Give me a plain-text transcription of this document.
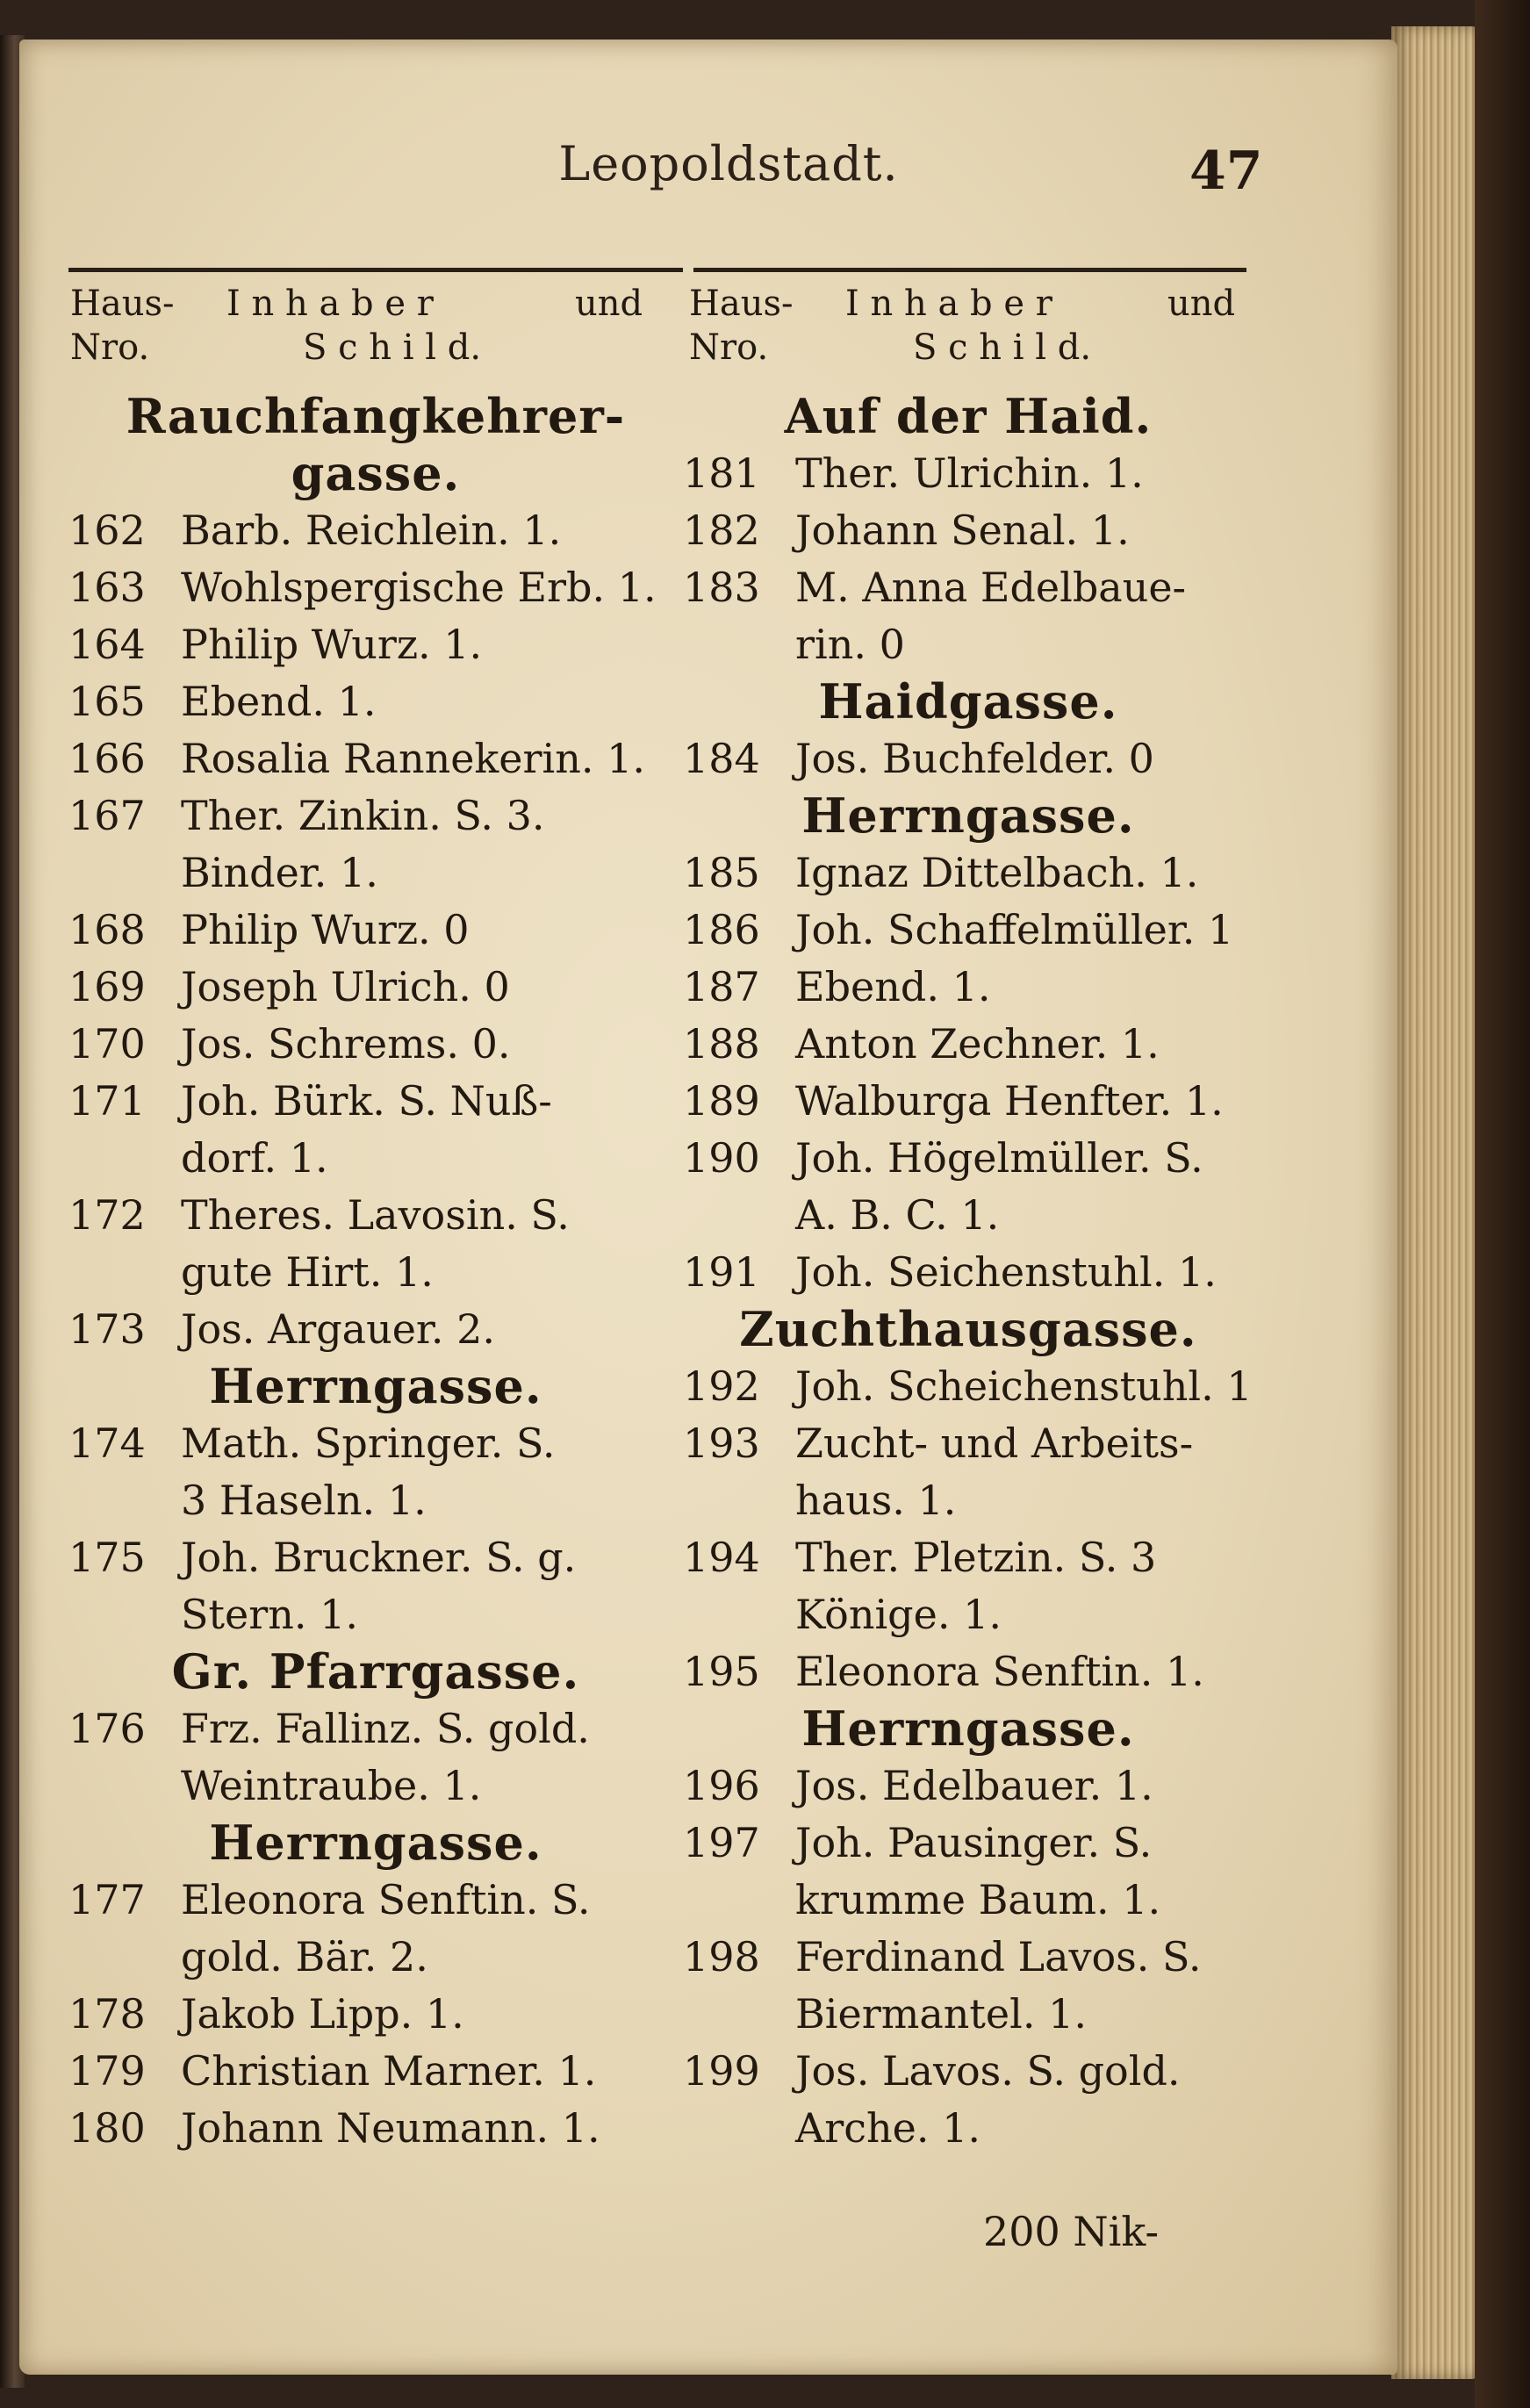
Leopoldstadt.	47
Haus-
Nro.
I n h a b e r	und
S c h i l d.
Haus-
Nro.
I n h a b e r	und
S c h i l d.
Rauchfangkehrer-
gasse.
162 Barb. Reichlein. 1.
163 Wohlspergische Erb. 1.
164 Philip Wurz. 1.
165 Ebend. 1.
166 Rosalia Rannekerin. 1.
167 Ther. Zinkin. S. 3.
Binder. 1.
168 Philip Wurz. 0
169 Joseph Ulrich. 0
170 Jos. Schrems. 0.
171 Joh. Bürk. S. Nuß-
dorf. 1.
172 Theres. Lavosin. S.
gute Hirt. 1.
173 Jos. Argauer. 2.
Herrngasse.
174 Math. Springer. S.
3 Haseln. 1.
175 Joh. Bruckner. S. g.
Stern. 1.
Gr. Pfarrgasse.
176 Frz. Fallinz. S. gold.
Weintraube. 1.
Herrngasse.
177 Eleonora Senftin. S.
gold. Bär. 2.
178 Jakob Lipp. 1.
179 Christian Marner. 1.
180 Johann Neumann. 1.
Auf der Haid.
181 Ther. Ulrichin. 1.
182 Johann Senal. 1.
183 M. Anna Edelbaue-
rin. 0
Haidgasse.
184 Jos. Buchfelder. 0
Herrngasse.
185 Ignaz Dittelbach. 1.
186 Joh. Schaffelmüller. 1
187 Ebend. 1.
188 Anton Zechner. 1.
189 Walburga Henfter. 1.
190 Joh. Högelmüller. S.
A. B. C. 1.
191 Joh. Seichenstuhl. 1.
Zuchthausgasse.
192 Joh. Scheichenstuhl. 1
193 Zucht- und Arbeits-
haus. 1.
194 Ther. Pletzin. S. 3
Könige. 1.
195 Eleonora Senftin. 1.
Herrngasse.
196 Jos. Edelbauer. 1.
197 Joh. Pausinger. S.
krumme Baum. 1.
198 Ferdinand Lavos. S.
Biermantel. 1.
199 Jos. Lavos. S. gold.
Arche. 1.
200 Nik-
